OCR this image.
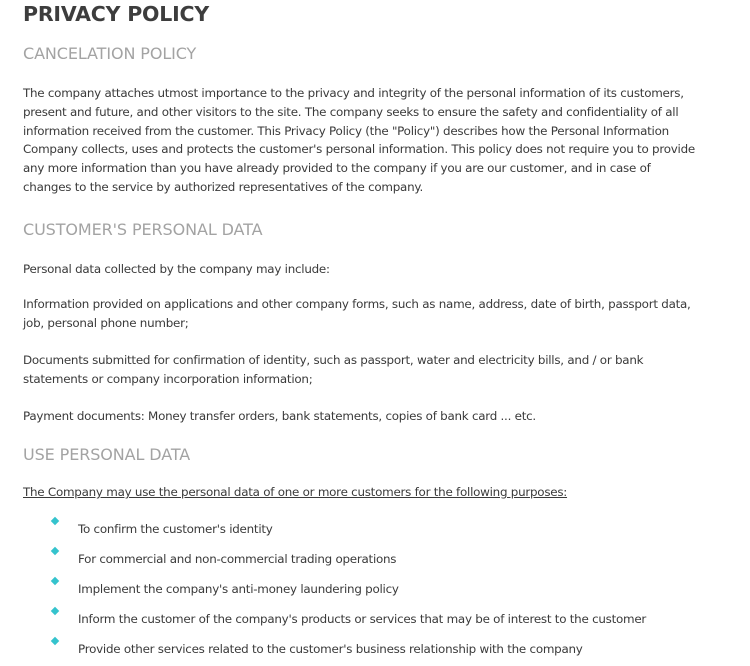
PRIVACY POLICY
CANCELATION POLICY

The company attaches utmost importance to the privacy and integrity of the personal information of its customers,
present and future, and other visitors to the site. The company seeks to ensure the safety and confidentiality of all
information received from the customer. This Privacy Policy (the "Policy") describes how the Personal Information
Company collects, uses and protects the customer's personal information. This policy does not require you to provide
any more information than you have already provided to the company if you are our customer, and in case of
changes to the service by authorized representatives of the company.

CUSTOMER'S PERSONAL DATA

Personal data collected by the company may include:

Information provided on applications and other company forms, such as name, address, date of birth, passport data,
job, personal phone number;

Documents submitted for confirmation of identity, such as passport, water and electricity bills, and / or bank
statements or company incorporation information;

Payment documents: Money transfer orders, bank statements, copies of bank card ... etc.

USE PERSONAL DATA

The Company may use the personal data of one or more customers for the following purposes:

To confirm the customer's identity
For commercial and non-commercial trading operations
Implement the company's anti-money laundering policy
Inform the customer of the company's products or services that may be of interest to the customer
Provide other services related to the customer's business relationship with the company
